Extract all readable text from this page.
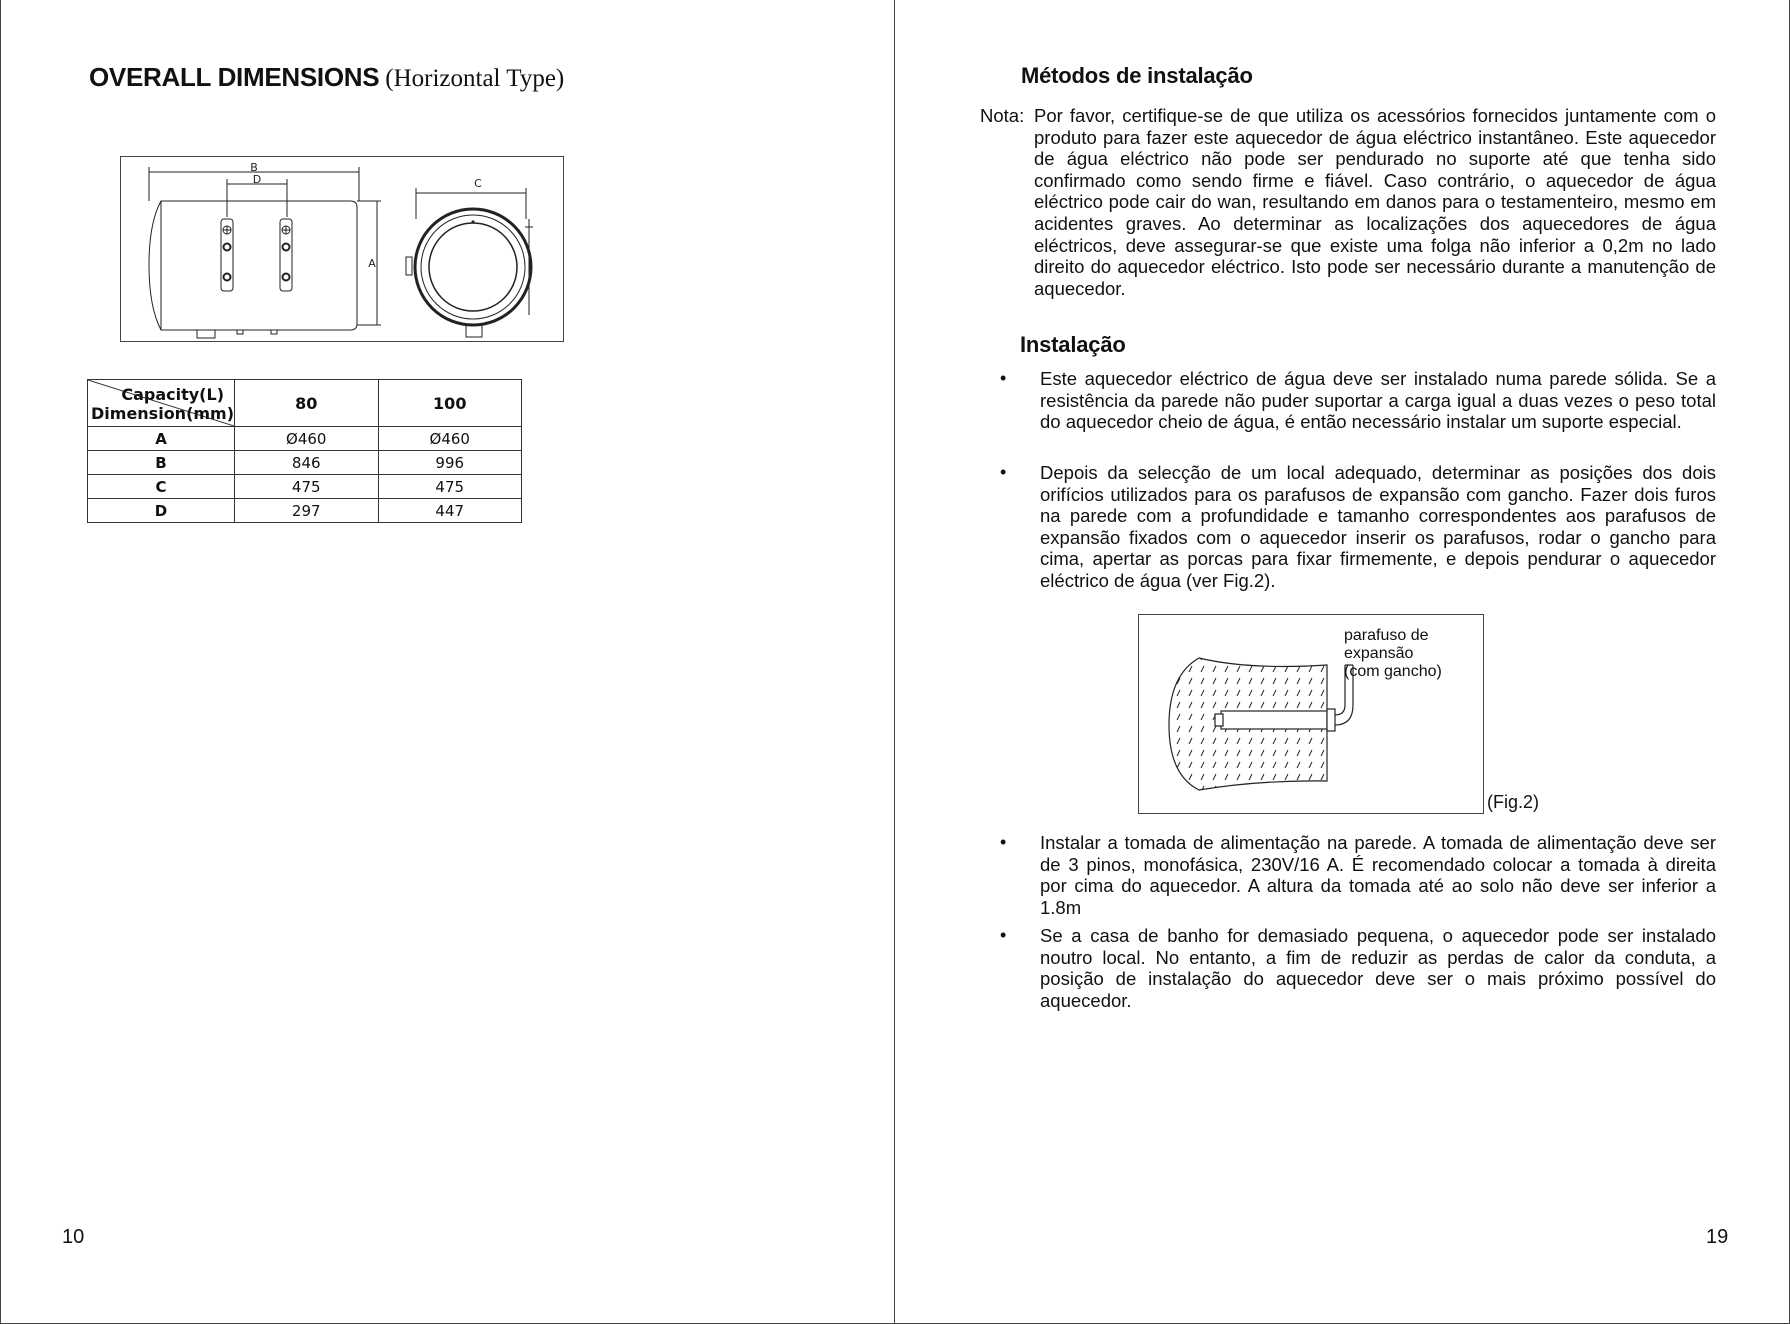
OVERALL DIMENSIONS (Horizontal Type)
B
D	C
A
Capacity(L)
Dimension(mm)	80	100
A	Ø460	Ø460
B	846	996
C	475	475
D	297	447
10
Métodos de instalação
Nota: Por favor, certifique-se de que utiliza os acessórios fornecidos juntamente com o produto para fazer este aquecedor de água eléctrico instantâneo. Este aquecedor de água eléctrico não pode ser pendurado no suporte até que tenha sido confirmado como sendo firme e fiável. Caso contrário, o aquecedor de água eléctrico pode cair do wan, resultando em danos para o testamenteiro, mesmo em acidentes graves. Ao determinar as localizações dos aquecedores de água eléctricos, deve assegurar-se que existe uma folga não inferior a 0,2m no lado direito do aquecedor eléctrico. Isto pode ser necessário durante a manutenção de aquecedor.
Instalação
• Este aquecedor eléctrico de água deve ser instalado numa parede sólida. Se a resistência da parede não puder suportar a carga igual a duas vezes o peso total do aquecedor cheio de água, é então necessário instalar um suporte especial.
• Depois da selecção de um local adequado, determinar as posições dos dois orifícios utilizados para os parafusos de expansão com gancho. Fazer dois furos na parede com a profundidade e tamanho correspondentes aos parafusos de expansão fixados com o aquecedor inserir os parafusos, rodar o gancho para cima, apertar as porcas para fixar firmemente, e depois pendurar o aquecedor eléctrico de água (ver Fig.2).
parafuso de
expansão
(com gancho)
(Fig.2)
• Instalar a tomada de alimentação na parede. A tomada de alimentação deve ser de 3 pinos, monofásica, 230V/16 A. É recomendado colocar a tomada à direita por cima do aquecedor. A altura da tomada até ao solo não deve ser inferior a 1.8m
• Se a casa de banho for demasiado pequena, o aquecedor pode ser instalado noutro local. No entanto, a fim de reduzir as perdas de calor da conduta, a posição de instalação do aquecedor deve ser o mais próximo possível do aquecedor.
19
